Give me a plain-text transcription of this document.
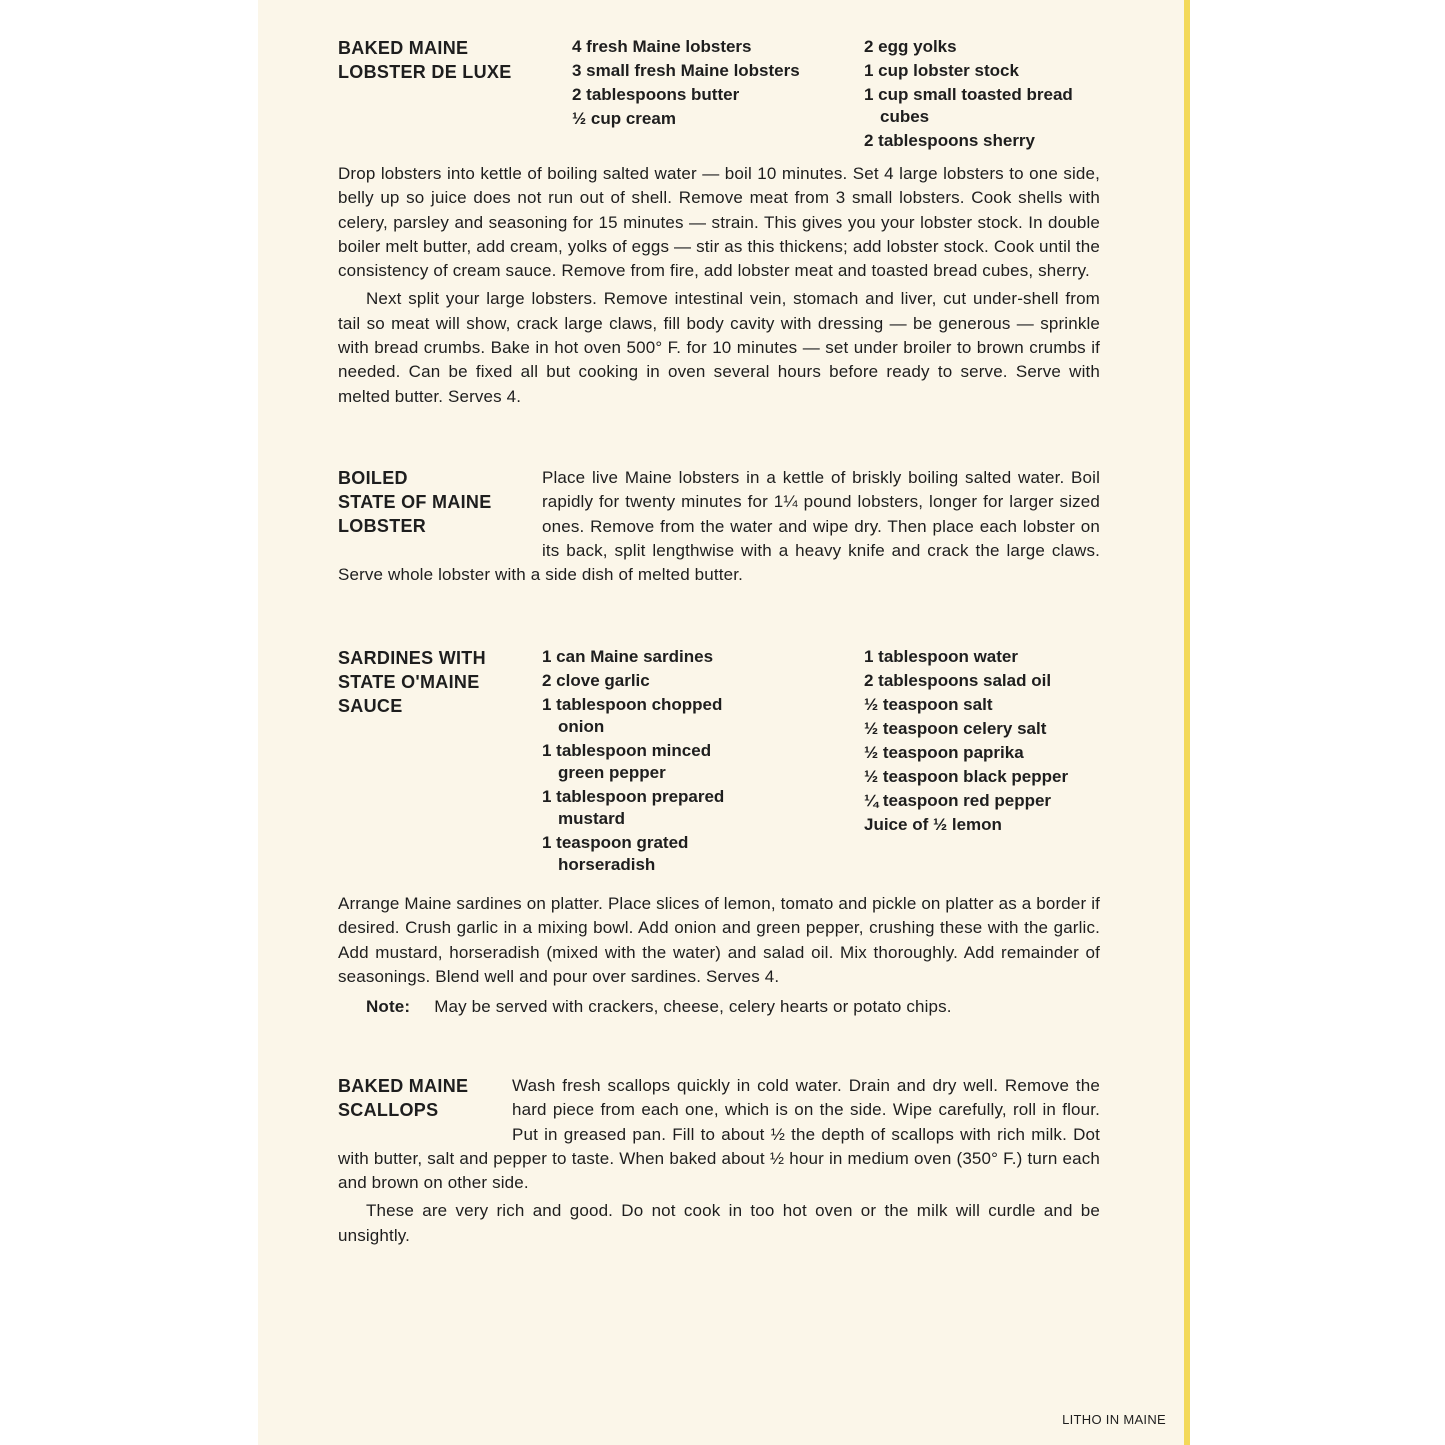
BAKED MAINE
LOBSTER DE LUXE
4 fresh Maine lobsters
3 small fresh Maine lobsters
2 tablespoons butter
½ cup cream
2 egg yolks
1 cup lobster stock
1 cup small toasted bread cubes
2 tablespoons sherry

Drop lobsters into kettle of boiling salted water — boil 10 minutes. Set 4 large lobsters to one side, belly up so juice does not run out of shell. Remove meat from 3 small lobsters. Cook shells with celery, parsley and seasoning for 15 minutes — strain. This gives you your lobster stock. In double boiler melt butter, add cream, yolks of eggs — stir as this thickens; add lobster stock. Cook until the consistency of cream sauce. Remove from fire, add lobster meat and toasted bread cubes, sherry.

Next split your large lobsters. Remove intestinal vein, stomach and liver, cut under-shell from tail so meat will show, crack large claws, fill body cavity with dressing — be generous — sprinkle with bread crumbs. Bake in hot oven 500° F. for 10 minutes — set under broiler to brown crumbs if needed. Can be fixed all but cooking in oven several hours before ready to serve. Serve with melted butter. Serves 4.

BOILED
STATE OF MAINE
LOBSTER
Place live Maine lobsters in a kettle of briskly boiling salted water. Boil rapidly for twenty minutes for 1¼ pound lobsters, longer for larger sized ones. Remove from the water and wipe dry. Then place each lobster on its back, split lengthwise with a heavy knife and crack the large claws. Serve whole lobster with a side dish of melted butter.
SARDINES WITH
STATE O'MAINE
SAUCE
1 can Maine sardines
2 clove garlic
1 tablespoon chopped onion
1 tablespoon minced green pepper
1 tablespoon prepared mustard
1 teaspoon grated horseradish
1 tablespoon water
2 tablespoons salad oil
½ teaspoon salt
½ teaspoon celery salt
½ teaspoon paprika
½ teaspoon black pepper
¼ teaspoon red pepper
Juice of ½ lemon

Arrange Maine sardines on platter. Place slices of lemon, tomato and pickle on platter as a border if desired. Crush garlic in a mixing bowl. Add onion and green pepper, crushing these with the garlic. Add mustard, horseradish (mixed with the water) and salad oil. Mix thoroughly. Add remainder of seasonings. Blend well and pour over sardines. Serves 4.

Note: May be served with crackers, cheese, celery hearts or potato chips.

BAKED MAINE
SCALLOPS

Wash fresh scallops quickly in cold water. Drain and dry well. Remove the hard piece from each one, which is on the side. Wipe carefully, roll in flour. Put in greased pan. Fill to about ½ the depth of scallops with rich milk. Dot with butter, salt and pepper to taste. When baked about ½ hour in medium oven (350° F.) turn each and brown on other side.

These are very rich and good. Do not cook in too hot oven or the milk will curdle and be unsightly.

LITHO IN MAINE
